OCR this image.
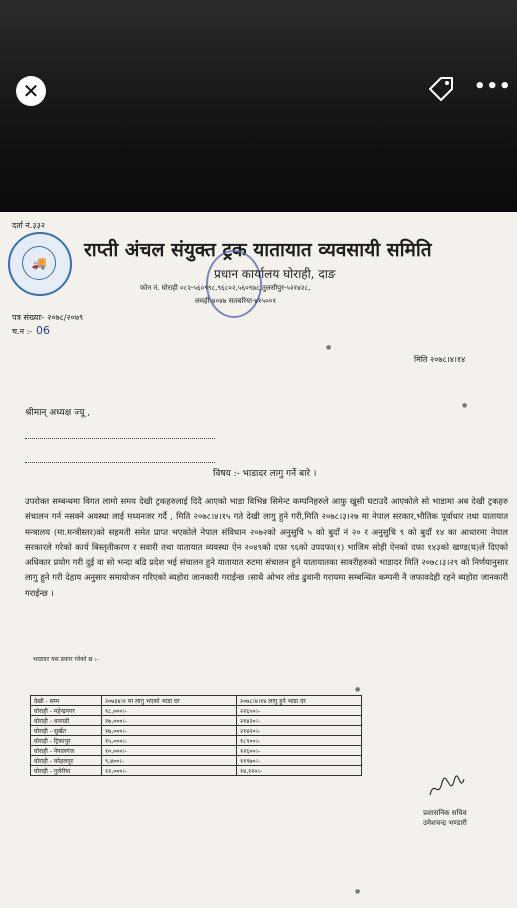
✕	•••
दर्ता नं.३३२
🚚
राप्ती अंचल संयुक्त ट्रक यातायात व्यवसायी समिति
प्रधान कार्यालय घोराही, दाङ
फोन नं. घोराही ०८२-५६०९९८,९६८०२,५६०९७८,तुलसीपुर-५२१४२८,
लमही-४०४७ सतबरिया-४१५००१
पत्र संख्याः- २०७८/२०७९
च.न :- 06
मिति २०७८।४।१४
श्रीमान् अध्यक्ष ज्यू ,
विषय :- भाडादर लागु गर्ने बारे ।
उपरोक्त सम्बन्धमा विगत लामो समय देखी ट्रकहरुलाई दिदै आएको भाडा विभिन्न सिमेन्ट कम्पनिहरुले आफु खुसी घटाउदै आएकोले सो भाडामा अब देखी ट्रकहरु संचालन गर्न नसक्ने अवस्था लाई मध्यनजर गर्दै , मिति २०७८।४।१५ गते देखी लागु हुने गरी,मिति २०७८।३।२७ मा नेपाल सरकार,भौतिक पूर्वाधार तथा यातायात मन्त्रालय (मा.मन्त्रीस्तर)को सहमती समेत प्राप्त भएकोले नेपाल संविधान २०७२को अनुसुचि ५ को बुदाँ नं २० र अनुसुचि ९ को बुदाँ १४ का आधारमा नेपाल सरकारले गरेको कार्य बिस्तृतीकरण र सवारी तथा यातायात व्यवस्था ऐन २०४९को दफा ९६को उपदफा(१) भाजिम सोही ऐनको दफा १४३को खण्ड(घ)ले दिएको अधिकार प्रयोग गरी दुई वा सो भन्दा बढि प्रदेश भई संचालन हुने यातायात रुटमा संचालन हुने यातायातका सावरीहरुको भाडादर मिति २०७८।३।२९ को निर्णयानुसार लागु हुने गरी देहाय अनुसार समायोजन गरिएको ब्यहोरा जानकारी गराईन्छ ।साथै ओभर लोड ढुवानी गरायमा सम्बन्धित कम्पनी नै जफावदेही रहने ब्यहोरा जानकारी गराईन्छ ।
भाडादर यस प्रकार गरेको छ :-
देखी - सम्म	२०७३४।१ मा लागु भएको भाडा दर	२०७८।४।१४ लागु हुने भाडा दर
घोराही - महेन्द्रनगर	१८,०००।-	२२६५०।-
घोराही - धनगढी	१७,०००।-	२१४२०।-
घोराही - सुर्खेत	१७,०००।-	२१४२०।-
घोराही - ट्रिकापुर	१५,०००।-	१८९००।-
घोराही - नेपालगंज	१०,०००।-	१२६००।-
घोराही - कोहलपुर	९,४००।-	११९७०।-
घोराही - गुलेरीया	१२,०००।-	१४,१२०।-
प्रशासनिक सचिव
उमेशचन्द्र भण्डारी
●
●
●
●
